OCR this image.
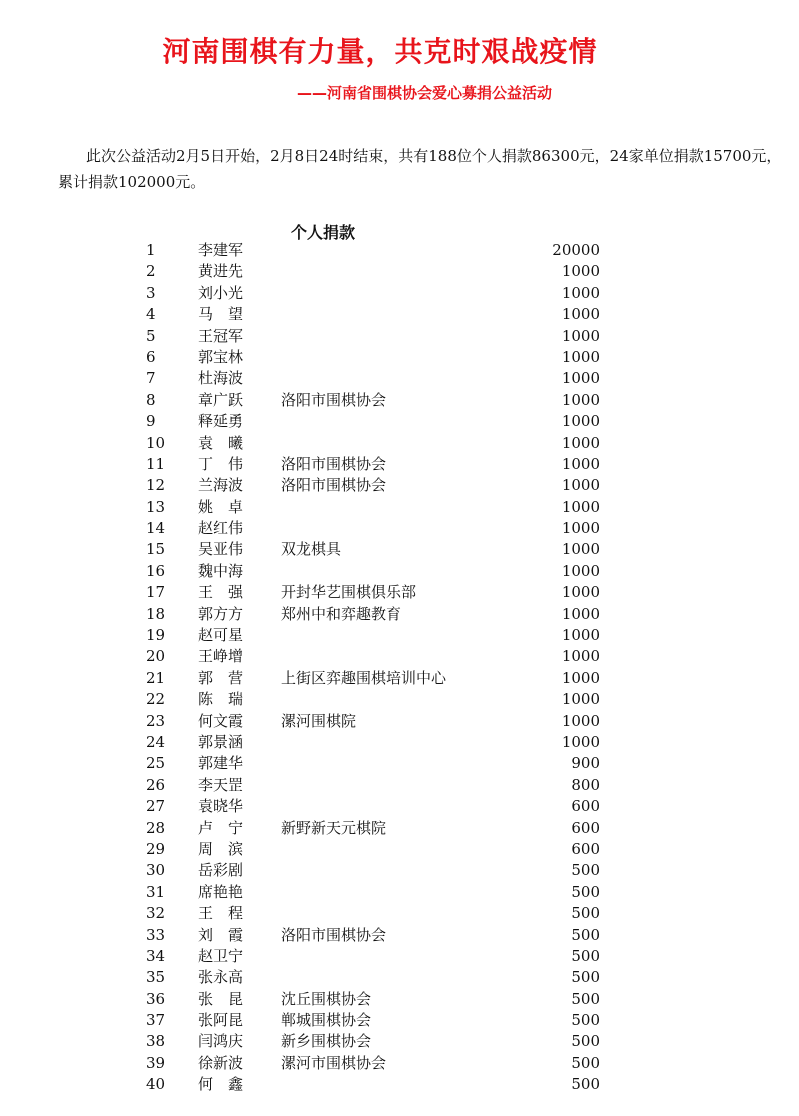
河南围棋有力量，共克时艰战疫情
——河南省围棋协会爱心募捐公益活动
此次公益活动2月5日开始，2月8日24时结束，共有188位个人捐款86300元，24家单位捐款15700元，累计捐款102000元。
个人捐款
1	李建军	20000
2	黄进先	1000
3	刘小光	1000
4	马　望	1000
5	王冠军	1000
6	郭宝林	1000
7	杜海波	1000
8	章广跃	洛阳市围棋协会	1000
9	释延勇	1000
10	袁　曦	1000
11	丁　伟	洛阳市围棋协会	1000
12	兰海波	洛阳市围棋协会	1000
13	姚　卓	1000
14	赵红伟	1000
15	吴亚伟	双龙棋具	1000
16	魏中海	1000
17	王　强	开封华艺围棋俱乐部	1000
18	郭方方	郑州中和弈趣教育	1000
19	赵可星	1000
20	王峥增	1000
21	郭　营	上街区弈趣围棋培训中心	1000
22	陈　瑞	1000
23	何文霞	漯河围棋院	1000
24	郭景涵	1000
25	郭建华	900
26	李天罡	800
27	袁晓华	600
28	卢　宁	新野新天元棋院	600
29	周　滨	600
30	岳彩剧	500
31	席艳艳	500
32	王　程	500
33	刘　霞	洛阳市围棋协会	500
34	赵卫宁	500
35	张永高	500
36	张　昆	沈丘围棋协会	500
37	张阿昆	郸城围棋协会	500
38	闫鸿庆	新乡围棋协会	500
39	徐新波	漯河市围棋协会	500
40	何　鑫	500
